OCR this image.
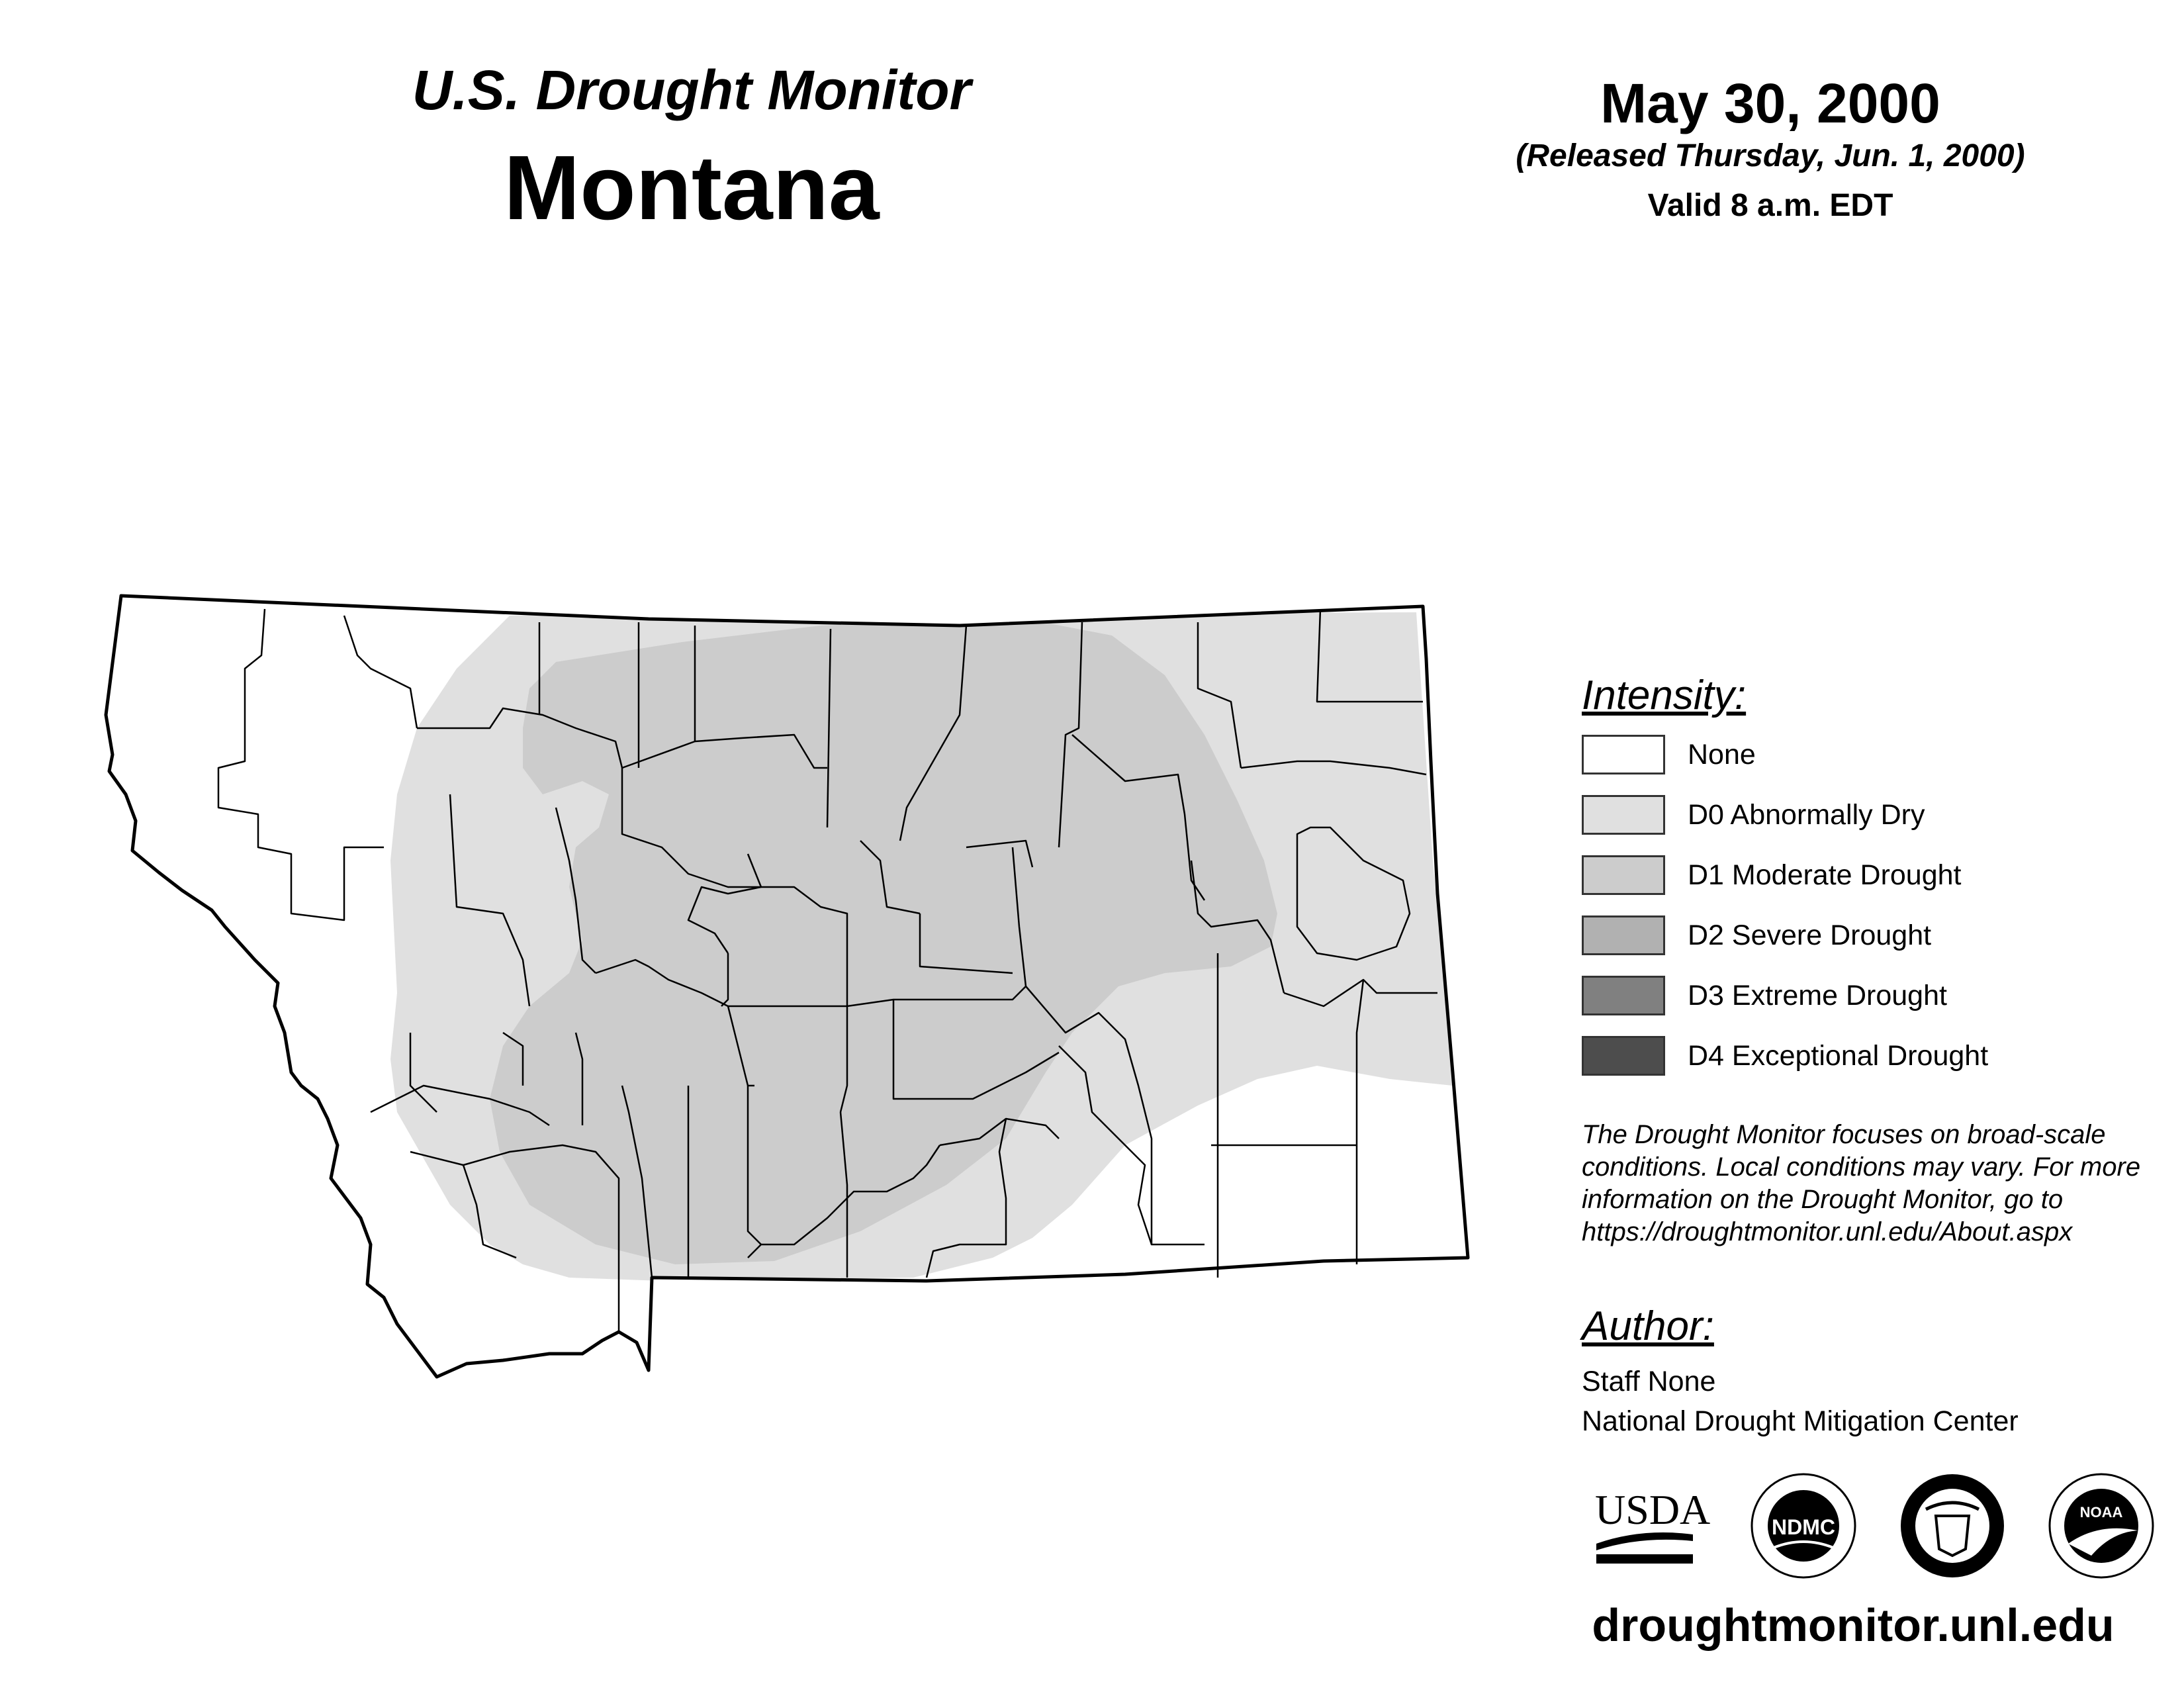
U.S. Drought Monitor
Montana
May 30, 2000
(Released Thursday, Jun. 1, 2000)
Valid 8 a.m. EDT
Intensity:
None
D0 Abnormally Dry
D1 Moderate Drought
D2 Severe Drought
D3 Extreme Drought
D4 Exceptional Drought
The Drought Monitor focuses on broad-scale conditions. Local conditions may vary. For more information on the Drought Monitor, go to https://droughtmonitor.unl.edu/About.aspx
Author:
Staff None
National Drought Mitigation Center
USDA	NDMC
NOAA
droughtmonitor.unl.edu
